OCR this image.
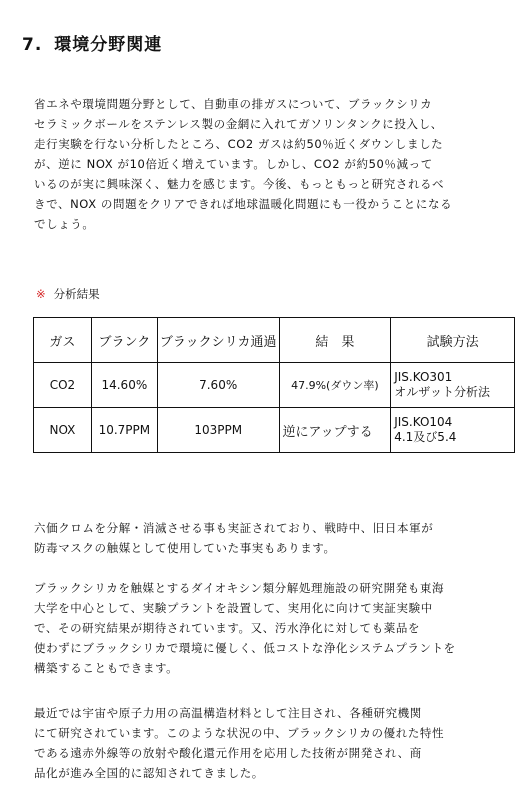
7. 環境分野関連
省エネや環境問題分野として、自動車の排ガスについて、ブラックシリカ
セラミックボールをステンレス製の金網に入れてガソリンタンクに投入し、
走行実験を行ない分析したところ、CO2 ガスは約50％近くダウンしました
が、逆に NOX が10倍近く増えています。しかし、CO2 が約50％減って
いるのが実に興味深く、魅力を感じます。今後、もっともっと研究されるべ
きで、NOX の問題をクリアできれば地球温暖化問題にも一役かうことになる
でしょう。
※ 分析結果
ガス	ブランク	ブラックシリカ通過	結　果	試験方法
CO2	14.60%	7.60%	47.9%(ダウン率)	JIS.KO301
オルザット分析法

NOX	10.7PPM	103PPM	逆にアップする	JIS.KO104
4.1及び5.4
六価クロムを分解・消滅させる事も実証されており、戦時中、旧日本軍が
防毒マスクの触媒として使用していた事実もあります。
ブラックシリカを触媒とするダイオキシン類分解処理施設の研究開発も東海
大学を中心として、実験プラントを設置して、実用化に向けて実証実験中
で、その研究結果が期待されています。又、汚水浄化に対しても薬品を
使わずにブラックシリカで環境に優しく、低コストな浄化システムプラントを
構築することもできます。
最近では宇宙や原子力用の高温構造材料として注目され、各種研究機関
にて研究されています。このような状況の中、ブラックシリカの優れた特性
である遠赤外線等の放射や酸化還元作用を応用した技術が開発され、商
品化が進み全国的に認知されてきました。
